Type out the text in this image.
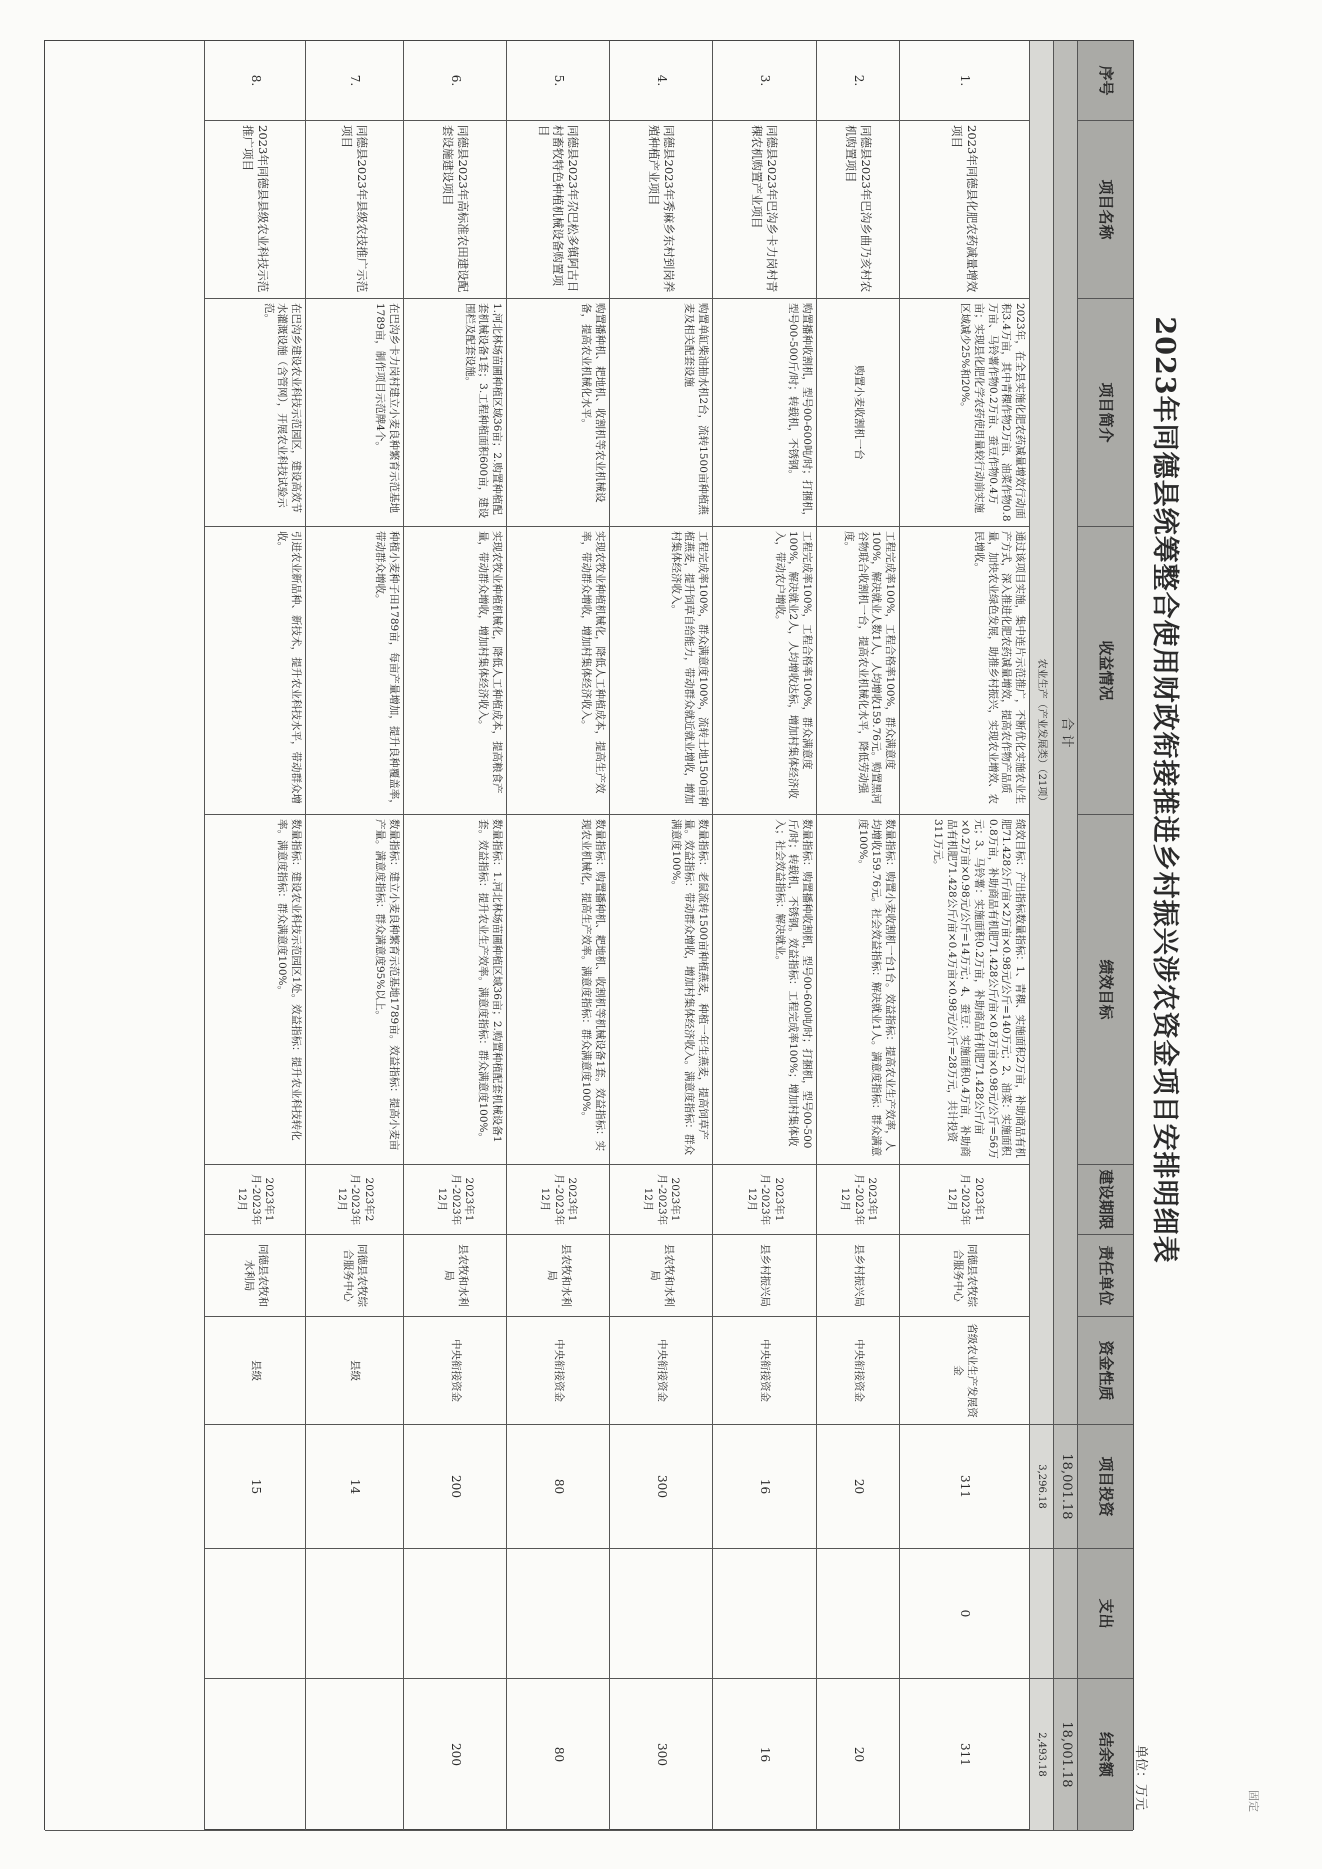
固定
2023年同德县统筹整合使用财政衔接推进乡村振兴涉农资金项目安排明细表
单位：万元
序号
项目名称
项目简介
收益情况
绩效目标
建设期限
责任单位
资金性质
项目投资
支出
结余额
合 计
18,001.18
18,001.18
农业生产（产业发展类）（21项）
3,296.18
2,493.18
1.
2023年同德县化肥农药减量增效项目
2023年，在全县实施化肥农药减量增效行动面积3.4万亩，其中青稞作物2万亩、油菜作物0.8万亩、马铃薯作物0.2万亩、蚕豆作物0.4万亩；实现县化肥化学农药使用量较行动前实施区域减少25%和20%。
通过该项目实施，集中连片示范推广，不断优化实施农业生产方式，深入推进化肥农药减量增效，提高农作物产品质量，加快农业绿色发展，助推乡村振兴，实现农业增效、农民增收。
绩效目标：产出指标数量指标：1、青稞、实施面积2万亩，补助商品有机肥71.428公斤/亩×2万亩×0.98元/公斤=140万元；2、油菜：实施面积0.8万亩，补助商品有机肥71.428公斤/亩×0.8万亩×0.98元/公斤=56万元；3、马铃薯：实施面积0.2万亩，补助商品有机肥71.428公斤/亩×0.2万亩×0.98元/公斤=14万元；4、蚕豆：实施面积0.4万亩，补助商品有机肥71.428公斤/亩×0.4万亩×0.98元/公斤=28万元，共计投资311万元。
2023年1月-2023年12月
同德县农牧综合服务中心
省级农业生产发展资金
311
0
311
2.
同德县2023年巴沟乡曲乃亥村农机购置项目
购置小麦收割机一台
工程完成率100%，工程合格率100%，群众满意度100%，解决就业人数1人，人均增收159.76元。购置黑河谷物联合收割机一台，提高农业机械化水平，降低劳动强度。
数量指标：购置小麦收割机一台1台。效益指标：提高农业生产效率，人均增收159.76元。社会效益指标：解决就业1人。满意度指标：群众满意度100%。
2023年1月-2023年12月
县乡村振兴局
中央衔接资金
20
20
3.
同德县2023年巴沟乡卡力岗村青稞农机购置产业项目
购置播种收割机，型号00-600吨/时；打捆机，型号00-500斤/时；转载机，不锈钢。
工程完成率100%，工程合格率100%，群众满意度100%，解决就业2人，人均增收达标，增加村集体经济收入，带动农户增收。
数量指标：购置播种收割机，型号00-600吨/时；打捆机，型号00-500斤/时；转载机，不锈钢。效益指标：工程完成率100%；增加村集体收入；社会效益指标：解决就业。
2023年1月-2023年12月
县乡村振兴局
中央衔接资金
16
16
4.
同德县2023年秀麻乡东村到岗养殖种植产业项目
购置单缸柴油抽水机2台，流转1500亩种植燕麦及相关配套设施
工程完成率100%，群众满意度100%，流转土地1500亩种植燕麦，提升饲草自给能力，带动群众就近就业增收，增加村集体经济收入。
数量指标：老鼠流转1500亩种植燕麦，种植一年生燕麦，提高饲草产量。效益指标：带动群众增收，增加村集体经济收入。满意度指标：群众满意度100%。
2023年1月-2023年12月
县农牧和水利局
中央衔接资金
300
300
5.
同德县2023年尕巴松多镇阿古日村畜牧特色种植机械设备购置项目
购置播种机、耙地机、收割机等农业机械设备，提高农业机械化水平。
实现农牧业种植机械化，降低人工种植成本，提高生产效率，带动群众增收，增加村集体经济收入。
数量指标：购置播种机、耙地机、收割机等机械设备1套。效益指标：实现农业机械化，提高生产效率。满意度指标：群众满意度100%。
2023年1月-2023年12月
县农牧和水利局
中央衔接资金
80
80
6.
同德县2023年高标准农田建设配套设施建设项目
1.河北林场苗圃种植区域36亩；2.购置种植配套机械设备1套；3.工程种植面积600亩，建设围栏及配套设施。
实现农牧业种植机械化，降低人工种植成本，提高粮食产量，带动群众增收，增加村集体经济收入。
数量指标：1.河北林场苗圃种植区域36亩；2.购置种植配套机械设备1套。效益指标：提升农业生产效率。满意度指标：群众满意度100%。
2023年1月-2023年12月
县农牧和水利局
中央衔接资金
200
200
7.
同德县2023年县级农技推广示范项目
在巴沟乡卡力岗村建立小麦良种繁育示范基地1789亩，制作项目示范牌4个。
种植小麦种子田1789亩，每亩产量增加，提升良种覆盖率，带动群众增收。
数量指标：建立小麦良种繁育示范基地1789亩。效益指标：提高小麦亩产量。满意度指标：群众满意度95%以上。
2023年2月-2023年12月
同德县农牧综合服务中心
县级
14
8.
2023年同德县县级农业科技示范推广项目
在巴沟乡建设农业科技示范园区，建设高效节水灌溉设施（含管网），开展农业科技试验示范。
引进农业新品种、新技术，提升农业科技水平，带动群众增收。
数量指标：建设农业科技示范园区1处。效益指标：提升农业科技转化率。满意度指标：群众满意度100%。
2023年1月-2023年12月
同德县农牧和水利局
县级
15
